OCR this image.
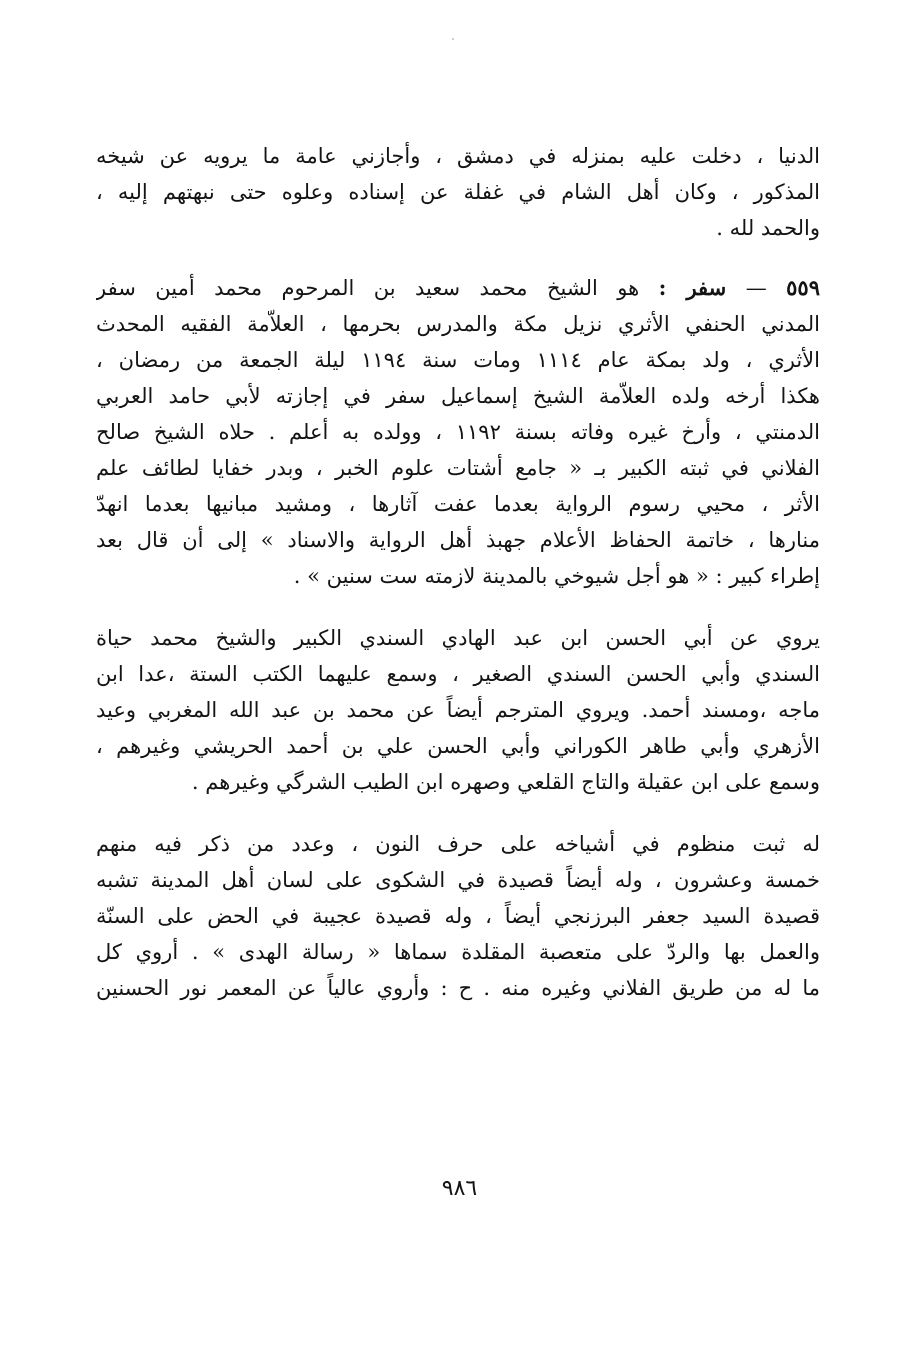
الدنيا ، دخلت عليه بمنزله في دمشق ، وأجازني عامة ما يرويه عن شيخه
المذكور ، وكان أهل الشام في غفلة عن إسناده وعلوه حتى نبهتهم إليه ،
والحمد لله .
٥٥٩ — سفر : هو الشيخ محمد سعيد بن المرحوم محمد أمين سفر
المدني الحنفي الأثري نزيل مكة والمدرس بحرمها ، العلاّمة الفقيه المحدث
الأثري ، ولد بمكة عام ١١١٤ ومات سنة ١١٩٤ ليلة الجمعة من رمضان ،
هكذا أرخه ولده العلاّمة الشيخ إسماعيل سفر في إجازته لأبي حامد العربي
الدمنتي ، وأرخ غيره وفاته بسنة ١١٩٢ ، وولده به أعلم . حلاه الشيخ صالح
الفلاني في ثبته الكبير بـ « جامع أشتات علوم الخبر ، وبدر خفايا لطائف علم
الأثر ، محيي رسوم الرواية بعدما عفت آثارها ، ومشيد مبانيها بعدما انهدّ
منارها ، خاتمة الحفاظ الأعلام جهبذ أهل الرواية والاسناد » إلى أن قال بعد
إطراء كبير : « هو أجل شيوخي بالمدينة لازمته ست سنين » .
يروي عن أبي الحسن ابن عبد الهادي السندي الكبير والشيخ محمد حياة
السندي وأبي الحسن السندي الصغير ، وسمع عليهما الكتب الستة ،عدا ابن
ماجه ،ومسند أحمد. ويروي المترجم أيضاً عن محمد بن عبد الله المغربي وعيد
الأزهري وأبي طاهر الكوراني وأبي الحسن علي بن أحمد الحريشي وغيرهم ،
وسمع على ابن عقيلة والتاج القلعي وصهره ابن الطيب الشرگي وغيرهم .
له ثبت منظوم في أشياخه على حرف النون ، وعدد من ذكر فيه منهم
خمسة وعشرون ، وله أيضاً قصيدة في الشكوى على لسان أهل المدينة تشبه
قصيدة السيد جعفر البرزنجي أيضاً ، وله قصيدة عجيبة في الحض على السنّة
والعمل بها والردّ على متعصبة المقلدة سماها « رسالة الهدى » . أروي كل
ما له من طريق الفلاني وغيره منه . ح : وأروي عالياً عن المعمر نور الحسنين
٩٨٦
